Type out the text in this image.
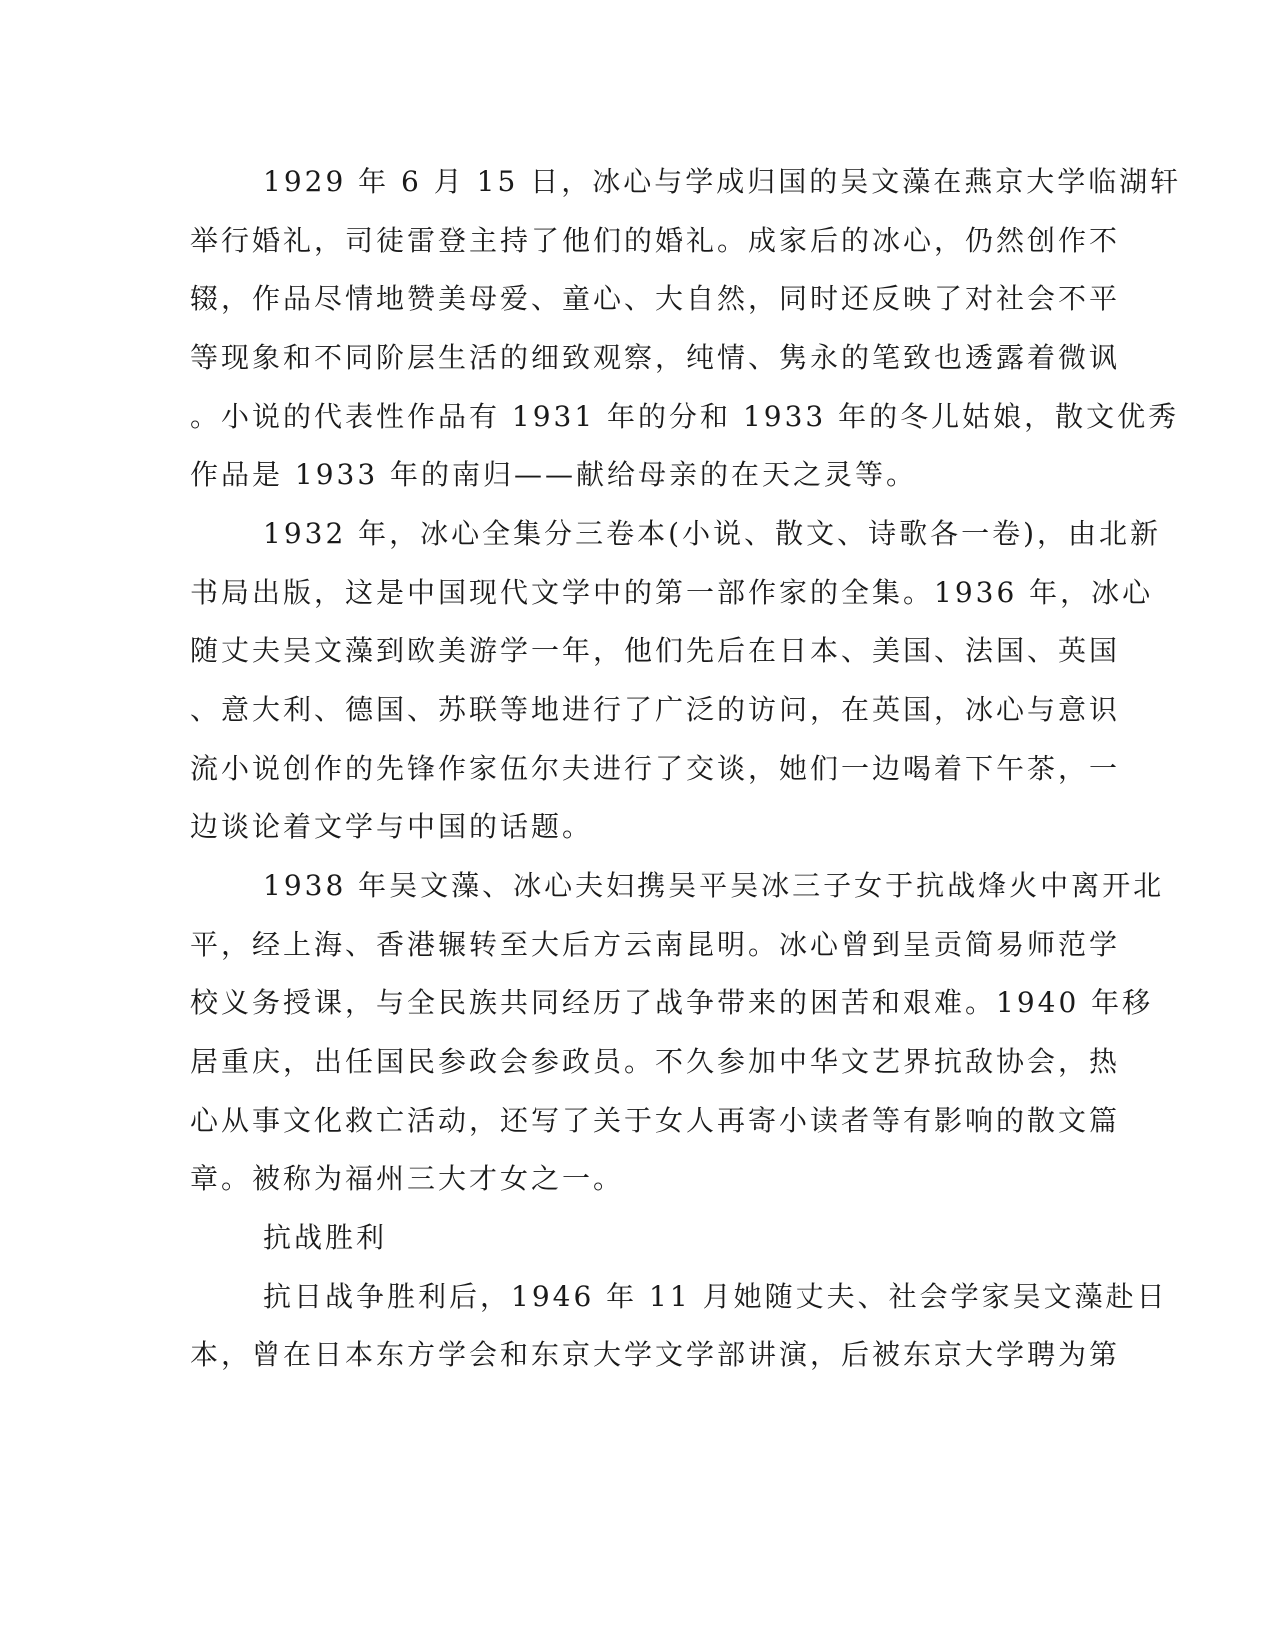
1929 年 6 月 15 日，冰心与学成归国的吴文藻在燕京大学临湖轩

举行婚礼，司徒雷登主持了他们的婚礼。成家后的冰心，仍然创作不

辍，作品尽情地赞美母爱、童心、大自然，同时还反映了对社会不平

等现象和不同阶层生活的细致观察，纯情、隽永的笔致也透露着微讽

。小说的代表性作品有 1931 年的分和 1933 年的冬儿姑娘，散文优秀

作品是 1933 年的南归——献给母亲的在天之灵等。

1932 年，冰心全集分三卷本(小说、散文、诗歌各一卷)，由北新

书局出版，这是中国现代文学中的第一部作家的全集。1936 年，冰心

随丈夫吴文藻到欧美游学一年，他们先后在日本、美国、法国、英国

、意大利、德国、苏联等地进行了广泛的访问，在英国，冰心与意识

流小说创作的先锋作家伍尔夫进行了交谈，她们一边喝着下午茶，一

边谈论着文学与中国的话题。

1938 年吴文藻、冰心夫妇携吴平吴冰三子女于抗战烽火中离开北

平，经上海、香港辗转至大后方云南昆明。冰心曾到呈贡简易师范学

校义务授课，与全民族共同经历了战争带来的困苦和艰难。1940 年移

居重庆，出任国民参政会参政员。不久参加中华文艺界抗敌协会，热

心从事文化救亡活动，还写了关于女人再寄小读者等有影响的散文篇

章。被称为福州三大才女之一。

抗战胜利

抗日战争胜利后，1946 年 11 月她随丈夫、社会学家吴文藻赴日

本，曾在日本东方学会和东京大学文学部讲演，后被东京大学聘为第
